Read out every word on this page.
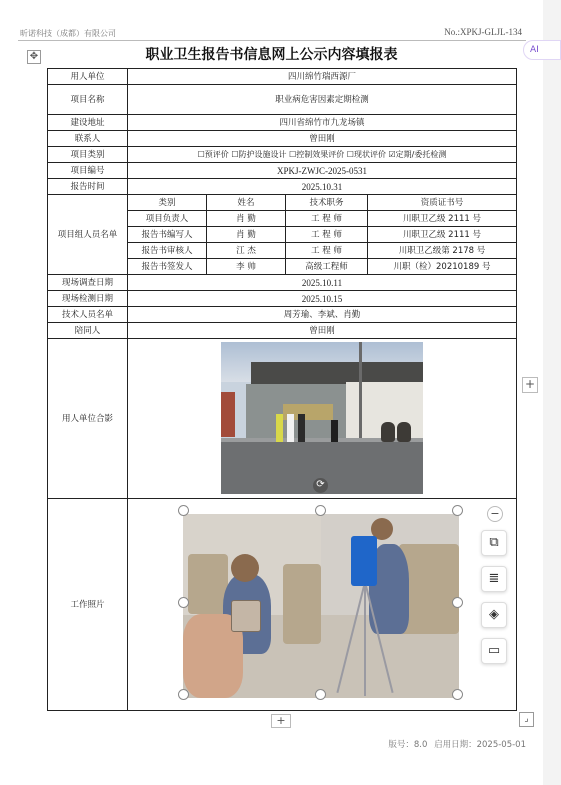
昕诺科技（成都）有限公司	No.:XPKJ-GLJL-134
✥	职业卫生报告书信息网上公示内容填报表
用人单位	四川绵竹瑞西源厂			
项目名称	职业病危害因素定期检测			
建设地址	四川省绵竹市九龙场镇			
联系人	曾田刚			
项目类别	☐预评价 ☐防护设施设计 ☐控制效果评价 ☐现状评价 ☑定期/委托检测			
项目编号	XPKJ-ZWJC-2025-0531			
报告时间	2025.10.31			
项目组人员名单	类别	姓名	技术职务	资质证书号
	项目负责人	肖 勤	工 程 师	川职卫乙级 2111 号
	报告书编写人	肖 勤	工 程 师	川职卫乙级 2111 号
	报告书审核人	江 杰	工 程 师	川职卫乙级第 2178 号
	报告书签发人	李 帅	高级工程师	川职（检）20210189 号
现场调查日期	2025.10.11			
现场检测日期	2025.10.15			
技术人员名单	周芳瑜、李斌、肖勤			
陪同人	曾田刚			
用人单位合影				

工作照片				
⟳
−
⧉
≣
◈
▭
+	⌟
版号：8.0 启用日期：2025-05-01
+
AI
